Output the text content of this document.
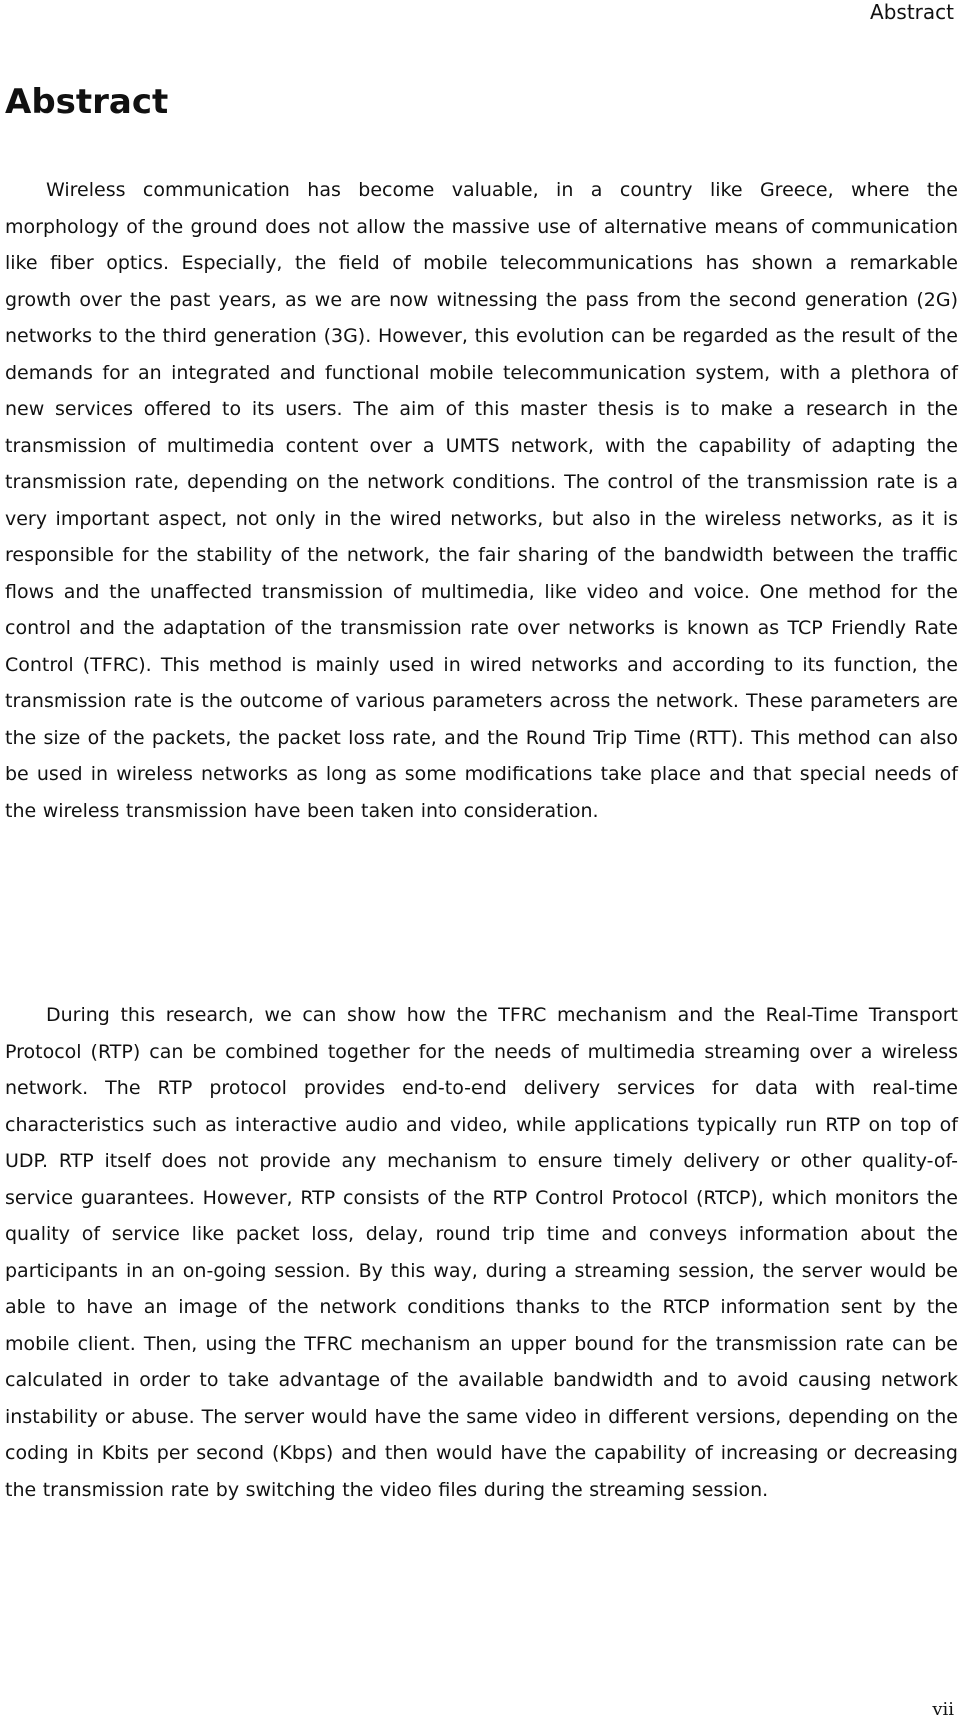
Abstract
Abstract

Wireless communication has become valuable, in a country like Greece, where the morphology of the ground does not allow the massive use of alternative means of communication like fiber optics. Especially, the field of mobile telecommunications has shown a remarkable growth over the past years, as we are now witnessing the pass from the second generation (2G) networks to the third generation (3G). However, this evolution can be regarded as the result of the demands for an integrated and functional mobile telecommunication system, with a plethora of new services offered to its users. The aim of this master thesis is to make a research in the transmission of multimedia content over a UMTS network, with the capability of adapting the transmission rate, depending on the network conditions. The control of the transmission rate is a very important aspect, not only in the wired networks, but also in the wireless networks, as it is responsible for the stability of the network, the fair sharing of the bandwidth between the traffic flows and the unaffected transmission of multimedia, like video and voice. One method for the control and the adaptation of the transmission rate over networks is known as TCP Friendly Rate Control (TFRC). This method is mainly used in wired networks and according to its function, the transmission rate is the outcome of various parameters across the network. These parameters are the size of the packets, the packet loss rate, and the Round Trip Time (RTT). This method can also be used in wireless networks as long as some modifications take place and that special needs of the wireless transmission have been taken into consideration.

During this research, we can show how the TFRC mechanism and the Real-Time Transport Protocol (RTP) can be combined together for the needs of multimedia streaming over a wireless network. The RTP protocol provides end-to-end delivery services for data with real-time characteristics such as interactive audio and video, while applications typically run RTP on top of UDP. RTP itself does not provide any mechanism to ensure timely delivery or other quality-of-service guarantees. However, RTP consists of the RTP Control Protocol (RTCP), which monitors the quality of service like packet loss, delay, round trip time and conveys information about the participants in an on-going session. By this way, during a streaming session, the server would be able to have an image of the network conditions thanks to the RTCP information sent by the mobile client. Then, using the TFRC mechanism an upper bound for the transmission rate can be calculated in order to take advantage of the available bandwidth and to avoid causing network instability or abuse. The server would have the same video in different versions, depending on the coding in Kbits per second (Kbps) and then would have the capability of increasing or decreasing the transmission rate by switching the video files during the streaming session.

vii
